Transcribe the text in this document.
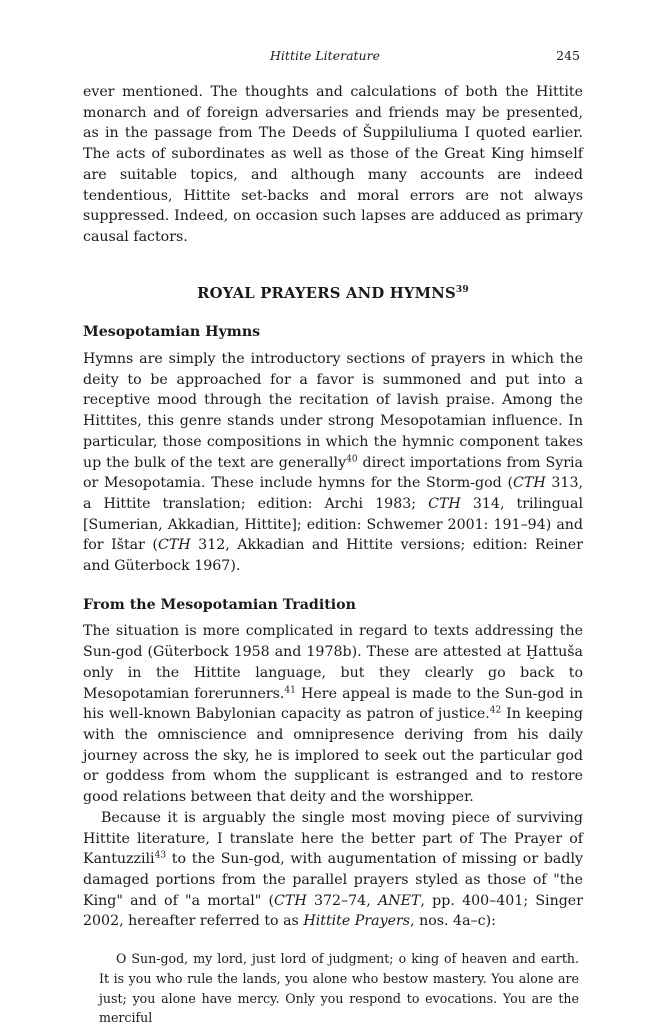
Hittite Literature	245

ever mentioned. The thoughts and calculations of both the Hittite monarch and of foreign adversaries and friends may be presented, as in the passage from The Deeds of Šuppiluliuma I quoted earlier. The acts of subordinates as well as those of the Great King himself are suitable topics, and although many accounts are indeed tendentious, Hittite set-backs and moral errors are not always suppressed. Indeed, on occasion such lapses are adduced as primary causal factors.

ROYAL PRAYERS AND HYMNS$^{39}$
Mesopotamian Hymns

Hymns are simply the introductory sections of prayers in which the deity to be approached for a favor is summoned and put into a receptive mood through the recitation of lavish praise. Among the Hittites, this genre stands under strong Mesopotamian influence. In particular, those compositions in which the hymnic component takes up the bulk of the text are generally$^{40}$ direct importations from Syria or Mesopotamia. These include hymns for the Storm-god (CTH 313, a Hittite translation; edition: Archi 1983; CTH 314, trilingual [Sumerian, Akkadian, Hittite]; edition: Schwemer 2001: 191–94) and for Ištar (CTH 312, Akkadian and Hittite versions; edition: Reiner and Güterbock 1967).

From the Mesopotamian Tradition

The situation is more complicated in regard to texts addressing the Sun-god (Güterbock 1958 and 1978b). These are attested at Ḫattuša only in the Hittite language, but they clearly go back to Mesopotamian forerunners.$^{41}$ Here appeal is made to the Sun-god in his well-known Babylonian capacity as patron of justice.$^{42}$ In keeping with the omniscience and omnipresence deriving from his daily journey across the sky, he is implored to seek out the particular god or goddess from whom the supplicant is estranged and to restore good relations between that deity and the worshipper.

Because it is arguably the single most moving piece of surviving Hittite literature, I translate here the better part of The Prayer of Kantuzzili$^{43}$ to the Sun-god, with augumentation of missing or badly damaged portions from the parallel prayers styled as those of "the King" and of "a mortal" (CTH 372–74, ANET, pp. 400–401; Singer 2002, hereafter referred to as Hittite Prayers, nos. 4a–c):

O Sun-god, my lord, just lord of judgment; o king of heaven and earth. It is you who rule the lands, you alone who bestow mastery. You alone are just; you alone have mercy. Only you respond to evocations. You are the merciful
